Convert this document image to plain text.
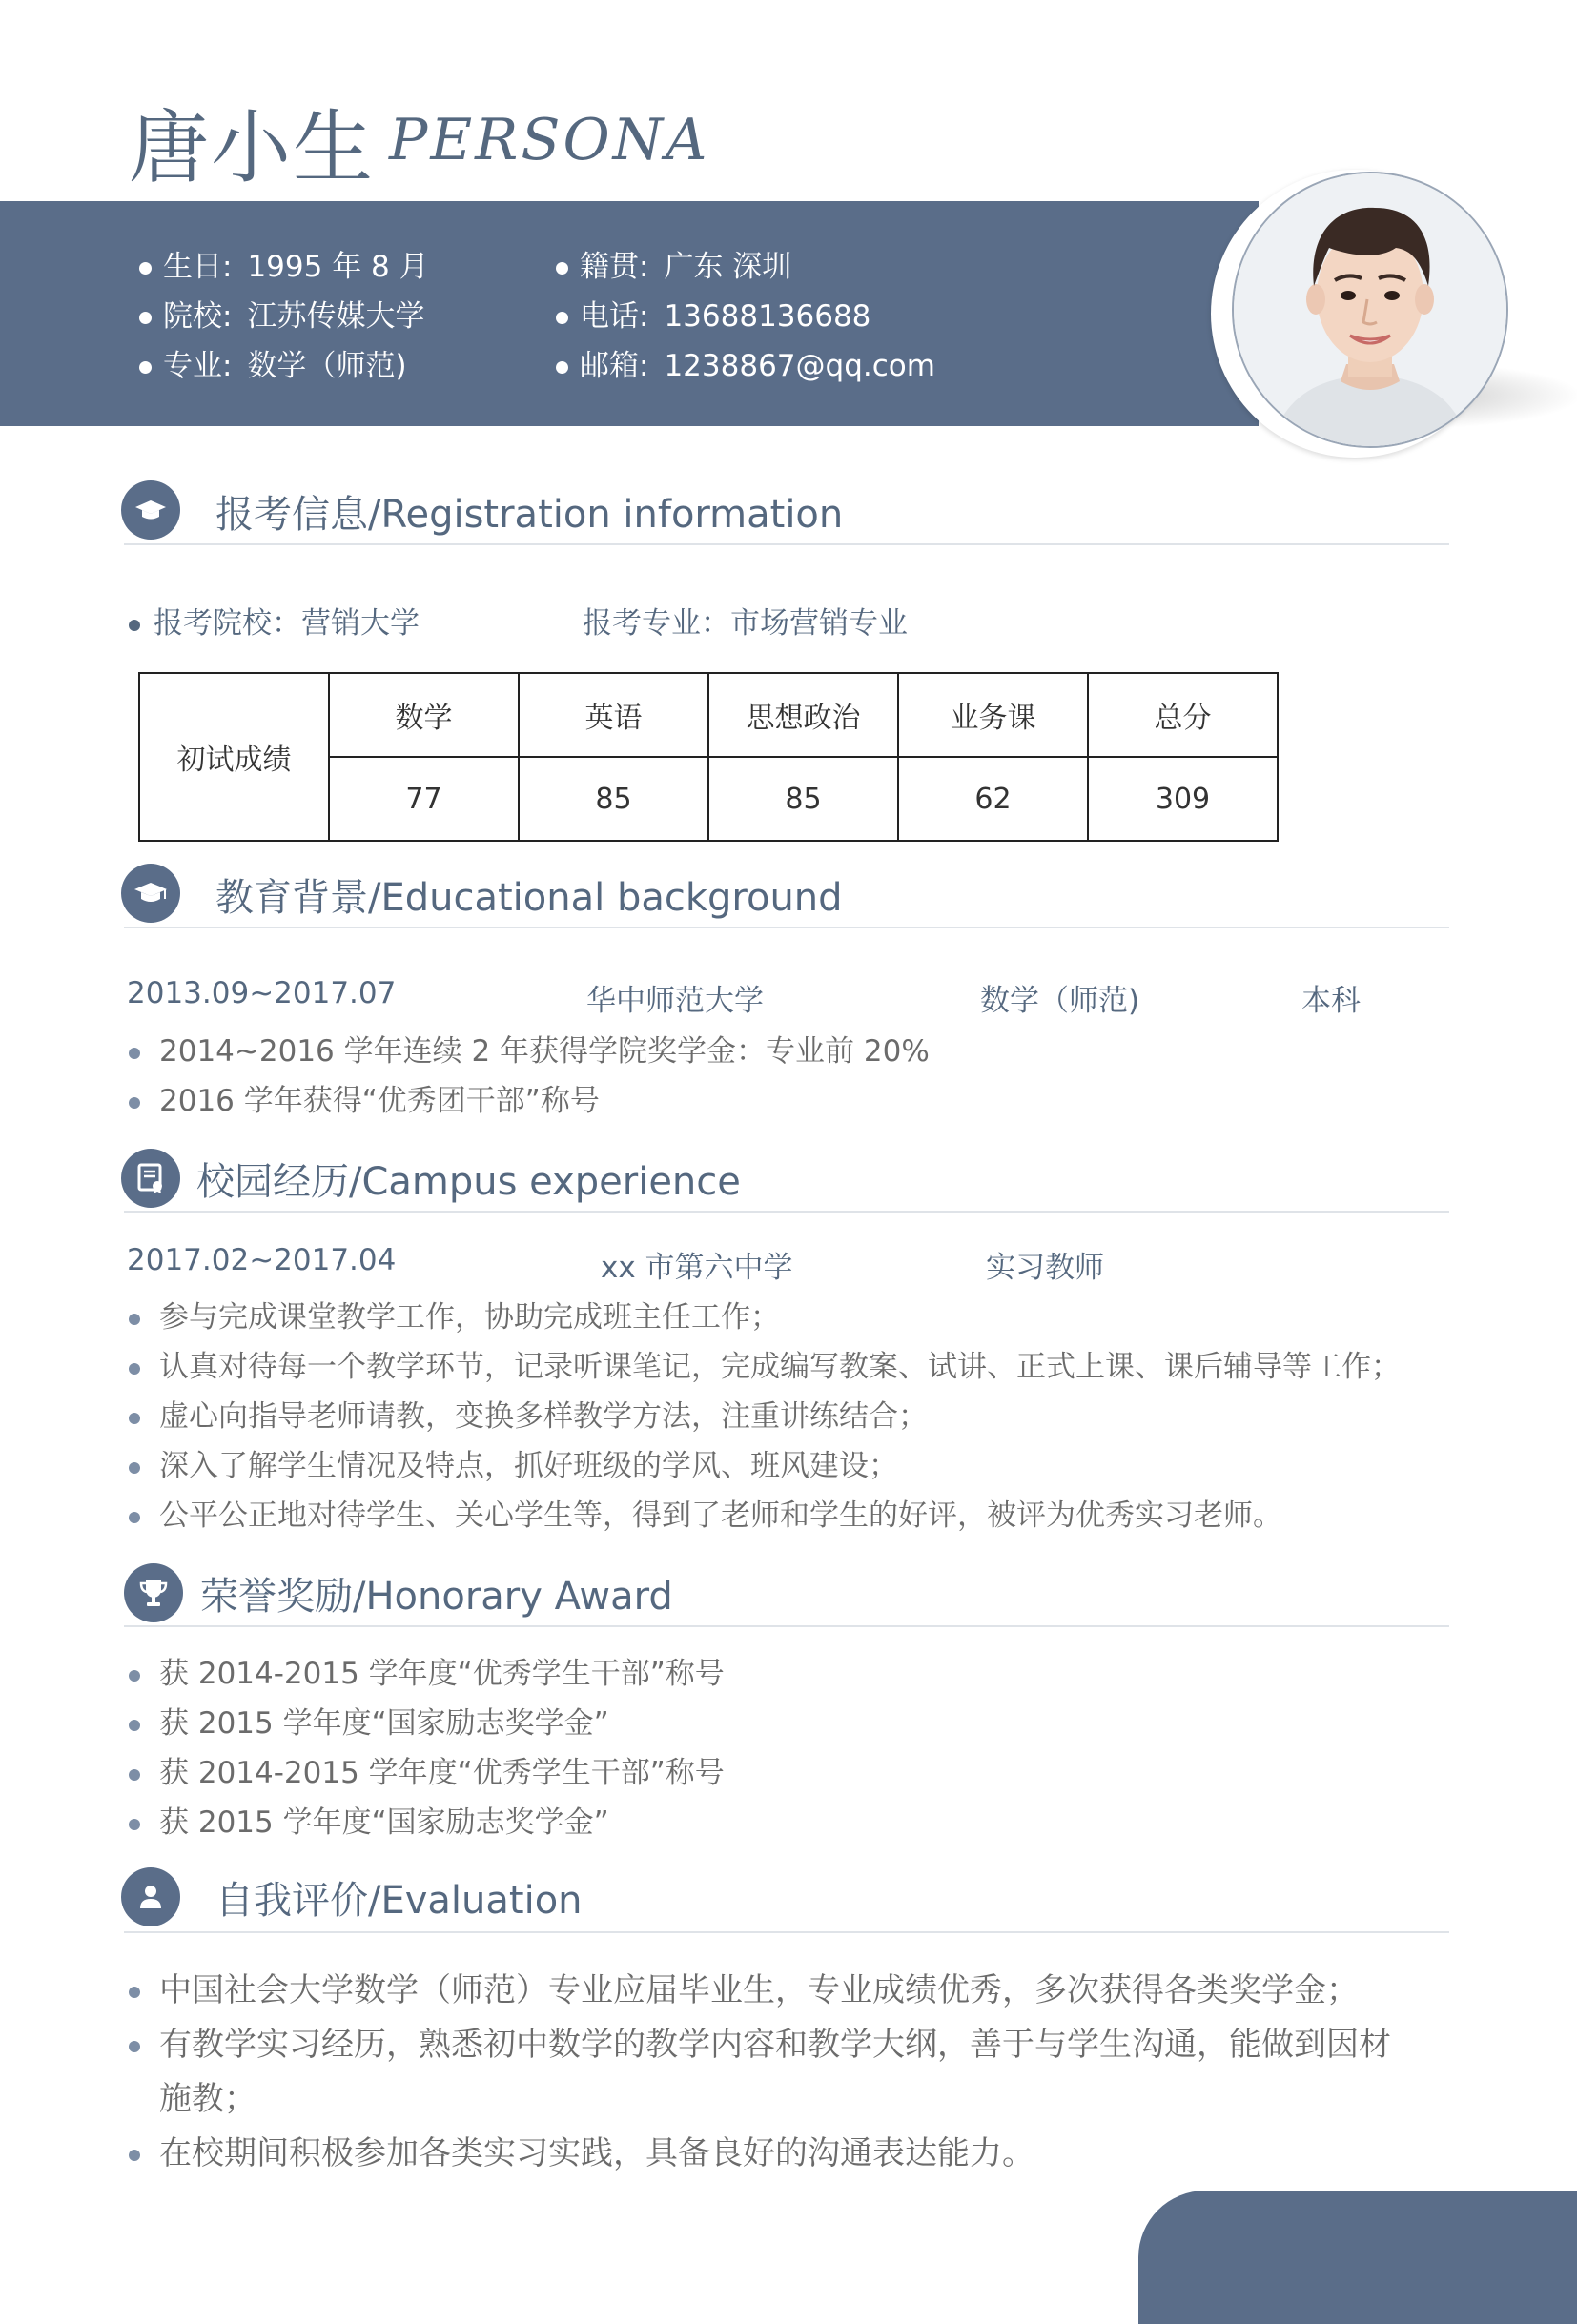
唐小生 PERSONA
生日: 1995 年 8 月
院校: 江苏传媒大学
专业: 数学（师范)
籍贯: 广东 深圳
电话: 13688136688
邮箱: 1238867@qq.com
报考信息/Registration information
报考院校：营销大学	报考专业：市场营销专业
初试成绩	数学	英语	思想政治	业务课	总分
	77	85	85	62	309
教育背景/Educational background
2013.09~2017.07	华中师范大学	数学（师范)	本科
2014~2016 学年连续 2 年获得学院奖学金：专业前 20%
2016 学年获得“优秀团干部”称号
校园经历/Campus experience
2017.02~2017.04	xx 市第六中学	实习教师
参与完成课堂教学工作，协助完成班主任工作；
认真对待每一个教学环节，记录听课笔记，完成编写教案、试讲、正式上课、课后辅导等工作；
虚心向指导老师请教，变换多样教学方法，注重讲练结合；
深入了解学生情况及特点，抓好班级的学风、班风建设；
公平公正地对待学生、关心学生等，得到了老师和学生的好评，被评为优秀实习老师。
荣誉奖励/Honorary Award
获 2014-2015 学年度“优秀学生干部”称号
获 2015 学年度“国家励志奖学金”
获 2014-2015 学年度“优秀学生干部”称号
获 2015 学年度“国家励志奖学金”
自我评价/Evaluation
中国社会大学数学（师范）专业应届毕业生，专业成绩优秀，多次获得各类奖学金；
有教学实习经历，熟悉初中数学的教学内容和教学大纲，善于与学生沟通，能做到因材
施教；
在校期间积极参加各类实习实践，具备良好的沟通表达能力。
